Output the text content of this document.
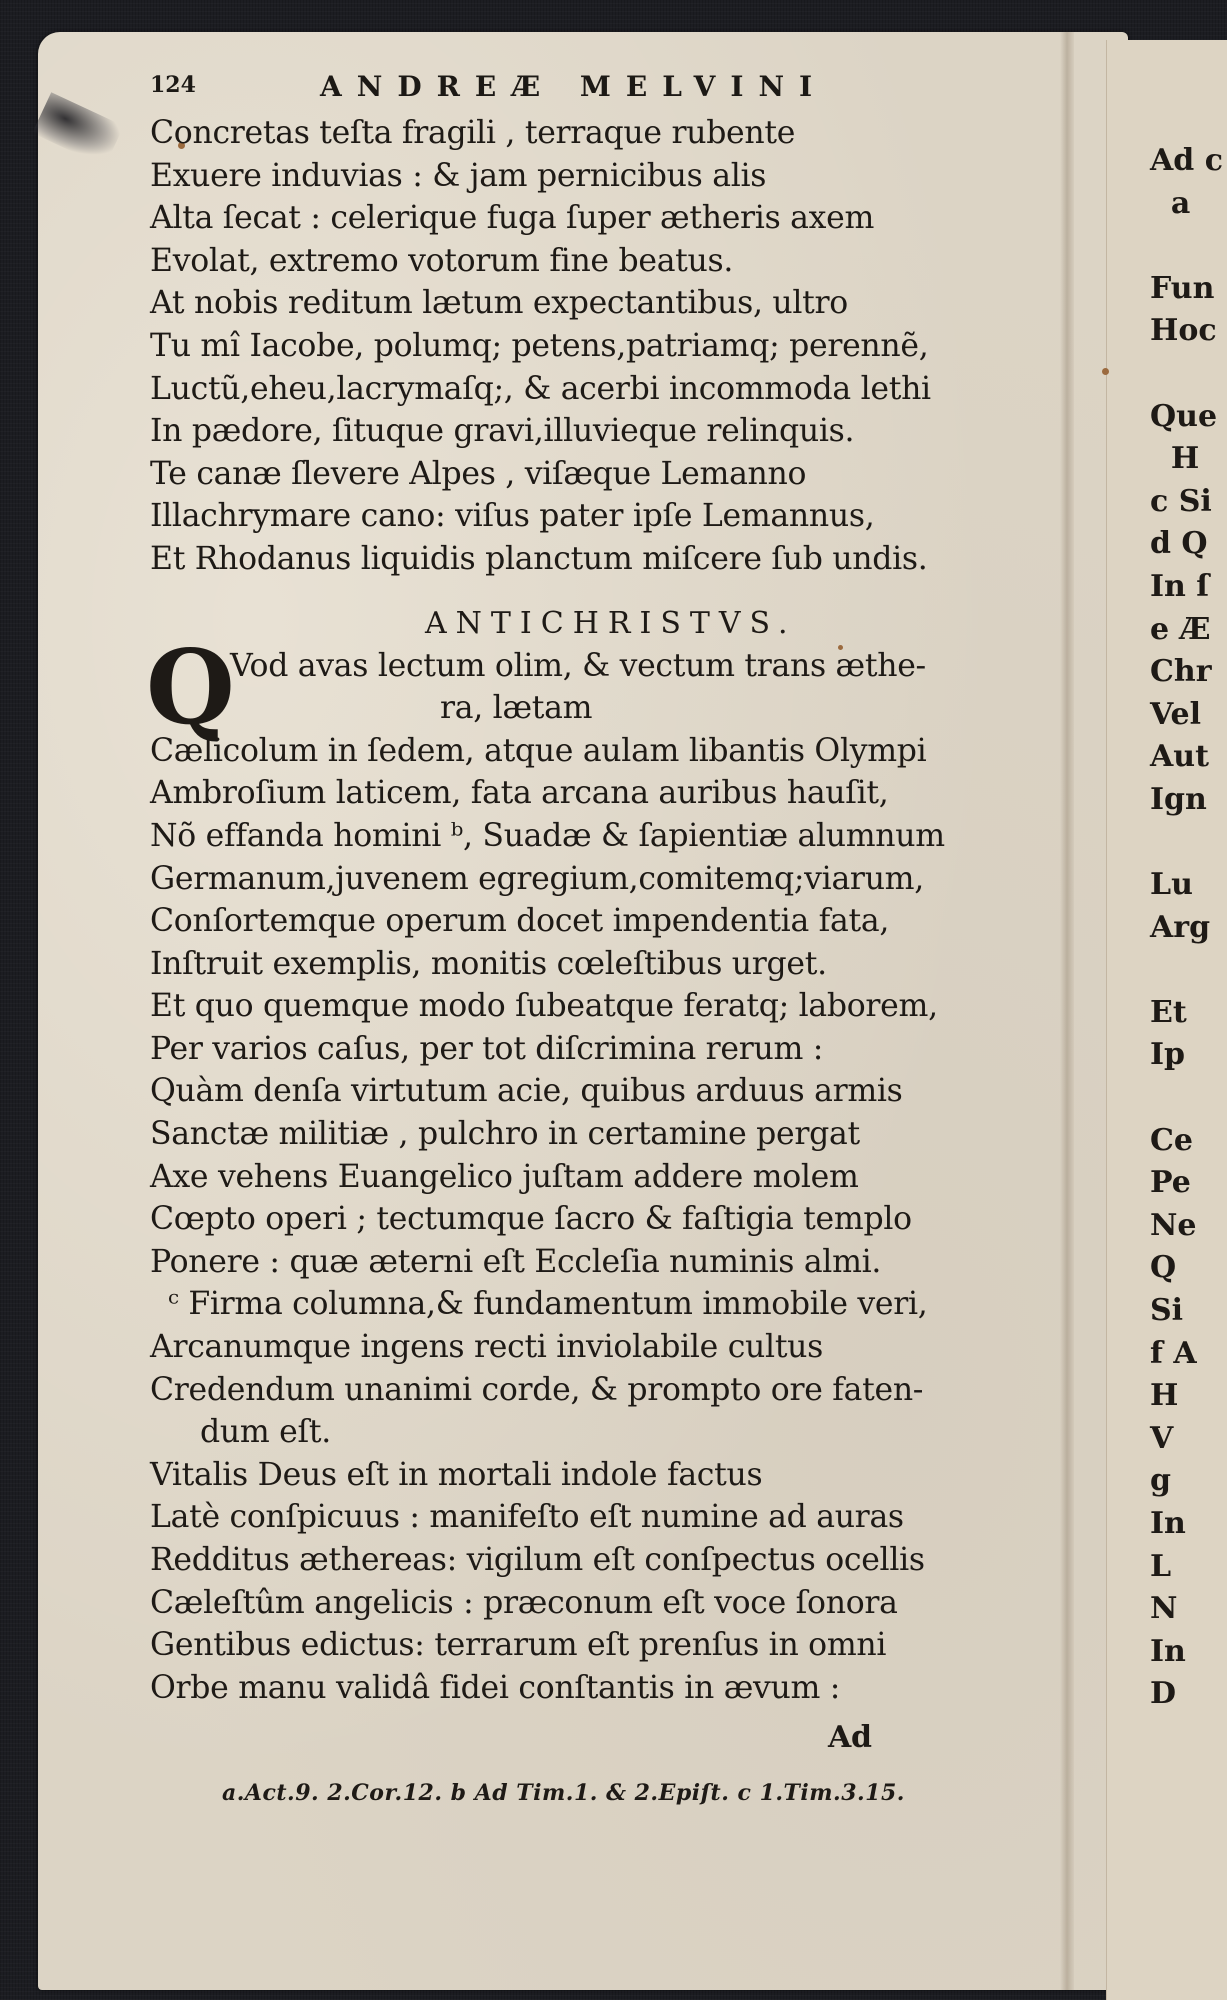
124	ANDREÆ MELVINI
Concretas teſta fragili , terraque rubente
Exuere induvias : & jam pernicibus alis
Alta ſecat : celerique fuga ſuper ætheris axem
Evolat, extremo votorum fine beatus.
At nobis reditum lætum expectantibus, ultro
Tu mî Iacobe, polumq; petens,patriamq; perennẽ,
Luctũ,eheu,lacrymaſq;, & acerbi incommoda lethi
In pædore, ſituque gravi,illuvieque relinquis.
Te canæ ſlevere Alpes , viſæque Lemanno
Illachrymare cano: viſus pater ipſe Lemannus,
Et Rhodanus liquidis planctum miſcere ſub undis.
ANTICHRISTVS.
Q
Vod avas lectum olim, & vectum trans æthe-
ra, lætam
Cælicolum in ſedem, atque aulam libantis Olympi
Ambroſium laticem, fata arcana auribus hauſit,
Nõ effanda homini ᵇ, Suadæ & ſapientiæ alumnum
Germanum,juvenem egregium,comitemq;viarum,
Conſortemque operum docet impendentia fata,
Inſtruit exemplis, monitis cœleſtibus urget.
Et quo quemque modo ſubeatque feratq; laborem,
Per varios caſus, per tot diſcrimina rerum :
Quàm denſa virtutum acie, quibus arduus armis
Sanctæ militiæ , pulchro in certamine pergat
Axe vehens Euangelico juſtam addere molem
Cœpto operi ; tectumque ſacro & faſtigia templo
Ponere : quæ æterni eſt Eccleſia numinis almi.
ᶜ Firma columna,& fundamentum immobile veri,
Arcanumque ingens recti inviolabile cultus
Credendum unanimi corde, & prompto ore faten-
dum eſt.
Vitalis Deus eſt in mortali indole factus
Latè conſpicuus : manifeſto eſt numine ad auras
Redditus æthereas: vigilum eſt conſpectus ocellis
Cæleſtûm angelicis : præconum eſt voce ſonora
Gentibus edictus: terrarum eſt prenſus in omni
Orbe manu validâ fidei conſtantis in ævum :
Ad
a.Act.9. 2.Cor.12. b Ad Tim.1. & 2.Epiſt. c 1.Tim.3.15.
Ad c
a
Fun
Hoc
Que
H
c Si
d Q
In ſ
e Æ
Chr
Vel
Aut
Ign
Lu
Arg
Et
Ip
Ce
Pe
Ne
Q
Si
f A
H
V
g
In
L
N
In
D
